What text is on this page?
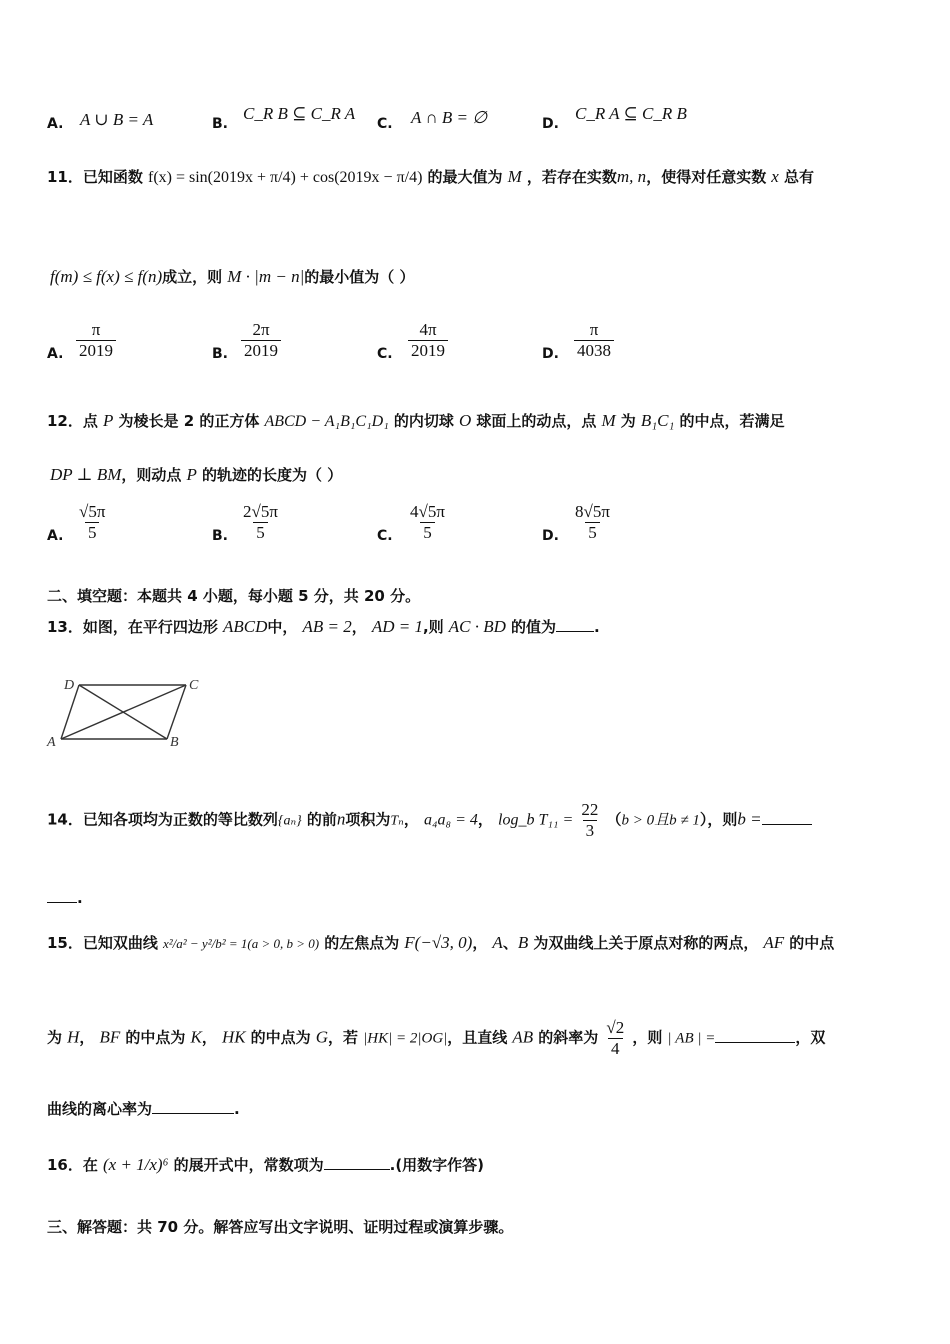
A. A ∪ B = A	B.
C_R B ⊆ C_R A
C. A ∩ B = ∅	D.
C_R A ⊆ C_R B
11．已知函数 f(x) = sin(2019x + π/4) + cos(2019x − π/4) 的最大值为 M ，若存在实数m, n，使得对任意实数 x 总有
f(m) ≤ f(x) ≤ f(n)成立，则 M · |m − n|的最小值为（ ）
A. $\frac{\pi}{2019}$	B. $\frac{2\pi}{2019}$	C. $\frac{4\pi}{2019}$	D. $\frac{\pi}{4038}$
12．点 P 为棱长是 2 的正方体 ABCD − A₁B₁C₁D₁ 的内切球 O 球面上的动点，点 M 为 B₁C₁ 的中点，若满足
DP ⊥ BM，则动点 P 的轨迹的长度为（ ）
A. $\frac{√5\pi}{5}$	B. $\frac{2√5\pi}{5}$	C. $\frac{4√5\pi}{5}$	D. $\frac{8√5\pi}{5}$
二、填空题：本题共 4 小题，每小题 5 分，共 20 分。
13．如图，在平行四边形 ABCD中， AB = 2， AD = 1,则 AC · BD 的值为	.
D	C
A	B
14．已知各项均为正数的等比数列{aₙ} 的前n项积为Tₙ， a₄a₈ = 4， log_b $T_{11} = \frac{22}{3} (b > 0$且b ≠ 1），则b =
.
15．已知双曲线 x²/a² − y²/b² = 1(a > 0, b > 0) 的左焦点为 F(−√3, 0)， A、B 为双曲线上关于原点对称的两点， AF 的中点
为 H， BF 的中点为 K， HK 的中点为 G，若 |HK| = 2|OG|，且直线 AB 的斜率为 $\frac{√2}{4}$ ，则 | AB | =	，双
曲线的离心率为	.
16．在 (x + 1/x)⁶ 的展开式中，常数项为	.(用数字作答)
三、解答题：共 70 分。解答应写出文字说明、证明过程或演算步骤。
